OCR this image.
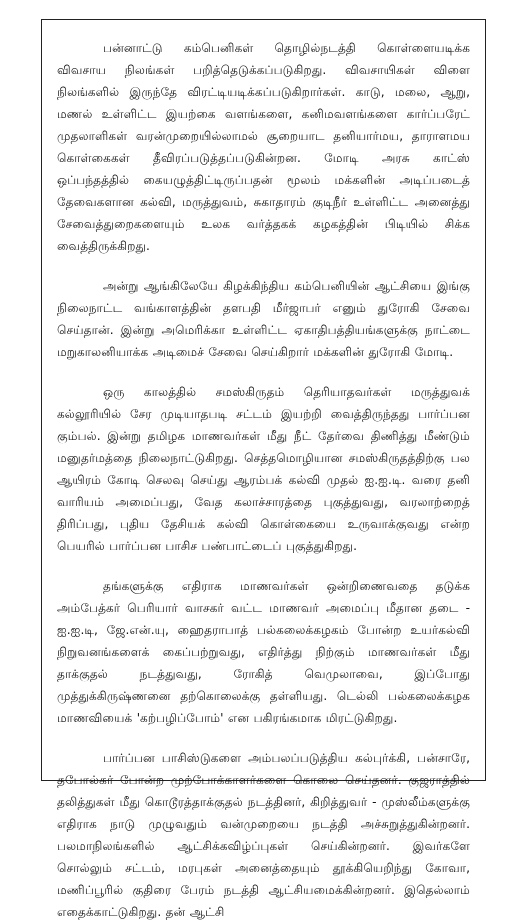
பன்னாட்டு கம்பெனிகள் தொழில்நடத்தி கொள்ளையடிக்க விவசாய நிலங்கள் பறித்தெடுக்கப்படுகிறது. விவசாயிகள் விளை நிலங்களில் இருந்தே விரட்டியடிக்கப்படுகிறார்கள். காடு, மலை, ஆறு, மணல் உள்ளிட்ட இயற்கை வளங்களை, கனிமவளங்களை கார்ப்பரேட் முதலாளிகள் வரன்முறையில்லாமல் சூறையாட தனியார்மய, தாராளமய கொள்கைகள் தீவிரப்படுத்தப்படுகின்றன. மோடி அரசு காட்ஸ் ஒப்பந்தத்தில் கையழுத்திட்டிருப்பதன் மூலம் மக்களின் அடிப்படைத் தேவைகளான கல்வி, மருத்துவம், சுகாதாரம் குடிநீர் உள்ளிட்ட அனைத்து சேவைத்துறைகளையும் உலக வர்த்தகக் கழகத்தின் பிடியில் சிக்க வைத்திருக்கிறது.

அன்று ஆங்கிலேயே கிழக்கிந்திய கம்பெனியின் ஆட்சியை இங்கு நிலைநாட்ட வங்காளத்தின் தளபதி மீர்ஜாபர் எனும் துரோகி சேவை செய்தான். இன்று அமெரிக்கா உள்ளிட்ட ஏகாதிபத்தியங்களுக்கு நாட்டை மறுகாலனியாக்க அடிமைச் சேவை செய்கிறார் மக்களின் துரோகி மோடி.

ஒரு காலத்தில் சமஸ்கிருதம் தெரியாதவர்கள் மருத்துவக் கல்லூரியில் சேர முடியாதபடி சட்டம் இயற்றி வைத்திருந்தது பார்ப்பன கும்பல். இன்று தமிழக மாணவர்கள் மீது நீட் தேர்வை திணித்து மீண்டும் மனுதர்மத்தை நிலைநாட்டுகிறது. செத்தமொழியான சமஸ்கிருதத்திற்கு பல ஆயிரம் கோடி செலவு செய்து ஆரம்பக் கல்வி முதல் ஐ.ஐ.டி. வரை தனி வாரியம் அமைப்பது, வேத கலாச்சாரத்தை புகுத்துவது, வரலாற்றைத் திரிப்பது, புதிய தேசியக் கல்வி கொள்கையை உருவாக்குவது என்ற பெயரில் பார்ப்பன பாசிச பண்பாட்டைப் புகுத்துகிறது.

தங்களுக்கு எதிராக மாணவர்கள் ஒன்றிணைவதை தடுக்க அம்பேத்கர் பெரியார் வாசகர் வட்ட மாணவர் அமைப்பு மீதான தடை - ஐ.ஐ.டி, ஜே.என்.யு, ஹைதராபாத் பல்கலைக்கழகம் போன்ற உயர்கல்வி நிறுவனங்களைக் கைப்பற்றுவது, எதிர்த்து நிற்கும் மாணவர்கள் மீது தாக்குதல் நடத்துவது, ரோகித் வெமுலாவை, இப்போது முத்துக்கிருஷ்ணனை தற்கொலைக்கு தள்ளியது. டெல்லி பல்கலைக்கழக மாணவியைக் 'கற்பழிப்போம்' என பகிரங்கமாக மிரட்டுகிறது.

பார்ப்பன பாசிஸ்டுகளை அம்பலப்படுத்திய கல்புர்க்கி, பன்சாரே, தபோல்கர் போன்ற முற்போக்காளர்களை கொலை செய்தனர். குஜராத்தில் தலித்துகள் மீது கொடூரத்தாக்குதல் நடத்தினர், கிறித்துவர் - முஸ்லீம்களுக்கு எதிராக நாடு முழுவதும் வன்முறையை நடத்தி அச்சுறுத்துகின்றனர். பலமாநிலங்களில் ஆட்சிக்கவிழ்ப்புகள் செய்கின்றனர். இவர்களே சொல்லும் சட்டம், மரபுகள் அனைத்தையும் தூக்கியெறிந்து கோவா, மணிப்பூரில் குதிரை பேரம் நடத்தி ஆட்சியமைக்கின்றனர். இதெல்லாம் எதைக்காட்டுகிறது. தன் ஆட்சி
